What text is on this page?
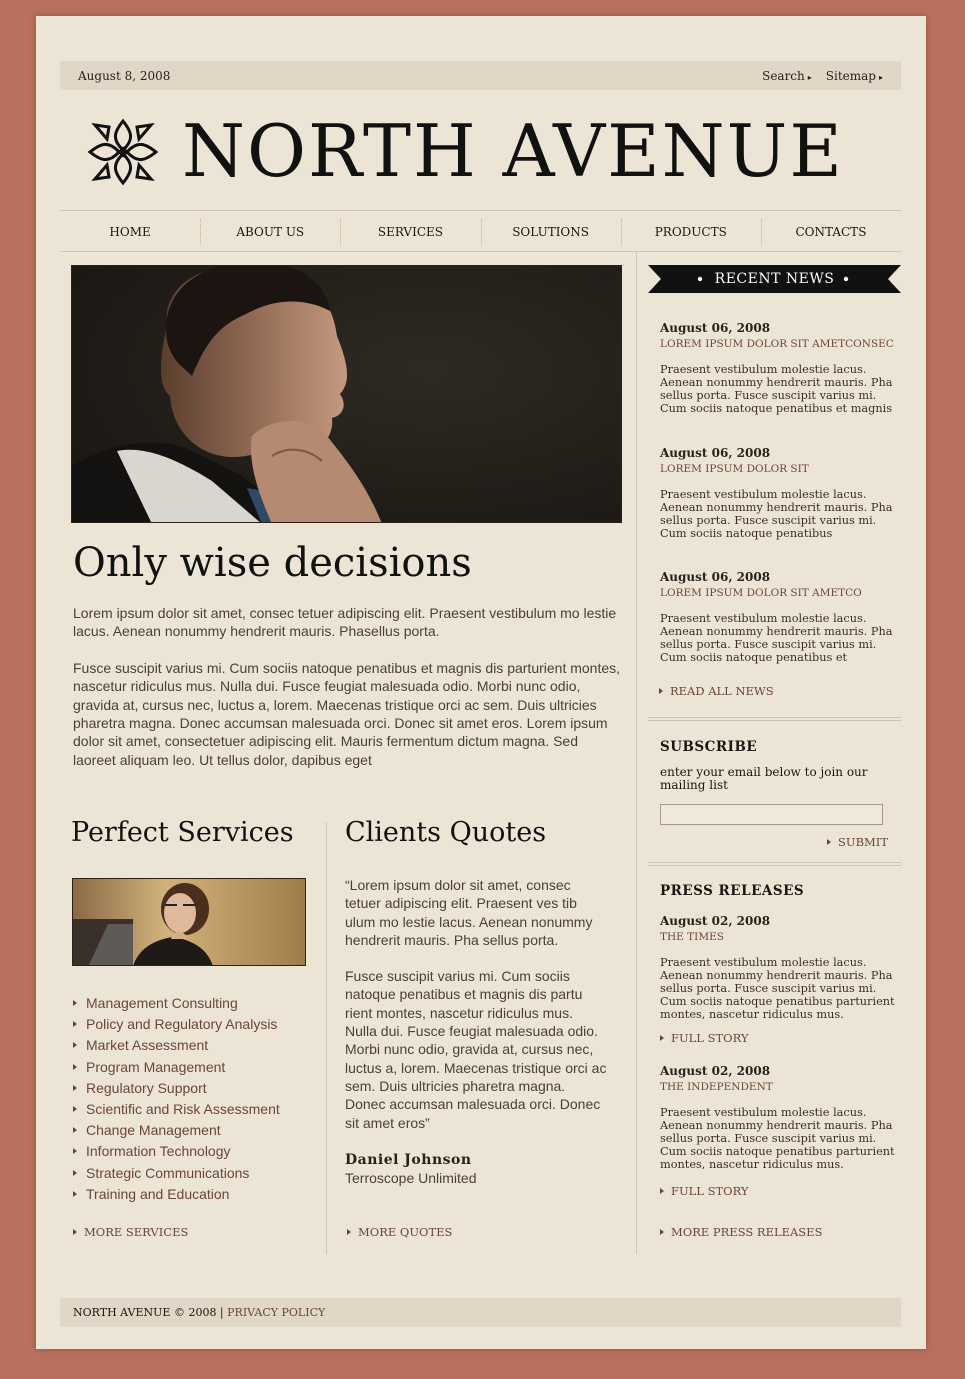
August 8, 2008	Search ▸ Sitemap ▸
NORTH AVENUE
HOME	ABOUT US	SERVICES	SOLUTIONS	PRODUCTS	CONTACTS
Only wise decisions

Lorem ipsum dolor sit amet, consec tetuer adipiscing elit. Praesent vestibulum mo lestie lacus. Aenean nonummy hendrerit mauris. Phasellus porta.

Fusce suscipit varius mi. Cum sociis natoque penatibus et magnis dis parturient montes, nascetur ridiculus mus. Nulla dui. Fusce feugiat malesuada odio. Morbi nunc odio, gravida at, cursus nec, luctus a, lorem. Maecenas tristique orci ac sem. Duis ultricies pharetra magna. Donec accumsan malesuada orci. Donec sit amet eros. Lorem ipsum dolor sit amet, consectetuer adipiscing elit. Mauris fermentum dictum magna. Sed laoreet aliquam leo. Ut tellus dolor, dapibus eget

Perfect Services
Management Consulting
Policy and Regulatory Analysis
Market Assessment
Program Management
Regulatory Support
Scientific and Risk Assessment
Change Management
Information Technology
Strategic Communications
Training and Education
MORE SERVICES
Clients Quotes

“Lorem ipsum dolor sit amet, consec tetuer adipiscing elit. Praesent ves tib ulum mo lestie lacus. Aenean nonummy hendrerit mauris. Pha sellus porta.

Fusce suscipit varius mi. Cum sociis natoque penatibus et magnis dis partu rient montes, nascetur ridiculus mus. Nulla dui. Fusce feugiat malesuada odio. Morbi nunc odio, gravida at, cursus nec, luctus a, lorem. Maecenas tristique orci ac sem. Duis ultricies pharetra magna. Donec accumsan malesuada orci. Donec sit amet eros”

Daniel Johnson
Terroscope Unlimited
MORE QUOTES
RECENT NEWS
August 06, 2008
LOREM IPSUM DOLOR SIT AMETCONSEC
Praesent vestibulum molestie lacus. Aenean nonummy hendrerit mauris. Pha sellus porta. Fusce suscipit varius mi. Cum sociis natoque penatibus et magnis
August 06, 2008
LOREM IPSUM DOLOR SIT
Praesent vestibulum molestie lacus. Aenean nonummy hendrerit mauris. Pha sellus porta. Fusce suscipit varius mi. Cum sociis natoque penatibus
August 06, 2008
LOREM IPSUM DOLOR SIT AMETCO
Praesent vestibulum molestie lacus. Aenean nonummy hendrerit mauris. Pha sellus porta. Fusce suscipit varius mi. Cum sociis natoque penatibus et
READ ALL NEWS
SUBSCRIBE
enter your email below to join our mailing list
SUBMIT
PRESS RELEASES
August 02, 2008
THE TIMES
Praesent vestibulum molestie lacus. Aenean nonummy hendrerit mauris. Pha sellus porta. Fusce suscipit varius mi. Cum sociis natoque penatibus parturient montes, nascetur ridiculus mus.
FULL STORY
August 02, 2008
THE INDEPENDENT
Praesent vestibulum molestie lacus. Aenean nonummy hendrerit mauris. Pha sellus porta. Fusce suscipit varius mi. Cum sociis natoque penatibus parturient montes, nascetur ridiculus mus.
FULL STORY
MORE PRESS RELEASES
NORTH AVENUE © 2008 | PRIVACY POLICY
